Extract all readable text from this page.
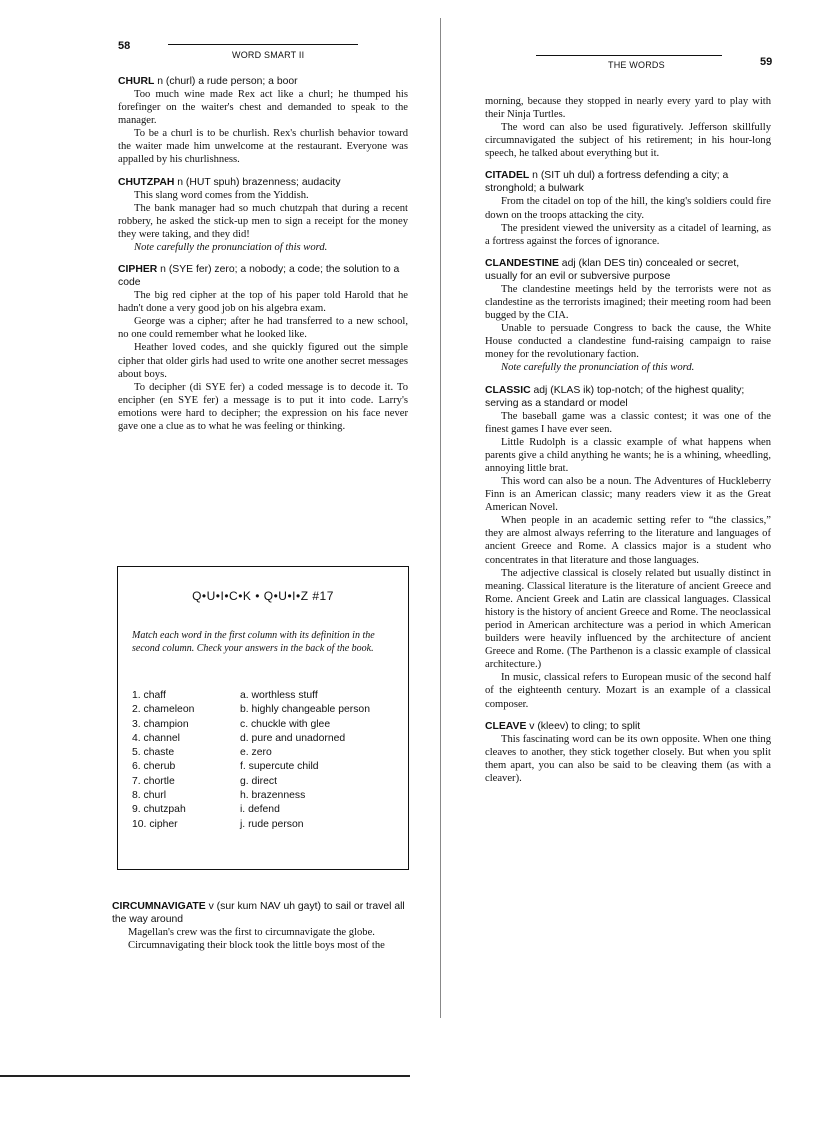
58
WORD SMART II
CHURL n (churl) a rude person; a boor

Too much wine made Rex act like a churl; he thumped his forefinger on the waiter's chest and demanded to speak to the manager.

To be a churl is to be churlish. Rex's churlish behavior toward the waiter made him unwelcome at the restaurant. Everyone was appalled by his churlishness.

CHUTZPAH n (HUT spuh) brazenness; audacity

This slang word comes from the Yiddish.

The bank manager had so much chutzpah that during a recent robbery, he asked the stick-up men to sign a receipt for the money they were taking, and they did!

Note carefully the pronunciation of this word.

CIPHER n (SYE fer) zero; a nobody; a code; the solution to a code

The big red cipher at the top of his paper told Harold that he hadn't done a very good job on his algebra exam.

George was a cipher; after he had transferred to a new school, no one could remember what he looked like.

Heather loved codes, and she quickly figured out the simple cipher that older girls had used to write one another secret messages about boys.

To decipher (di SYE fer) a coded message is to decode it. To encipher (en SYE fer) a message is to put it into code. Larry's emotions were hard to decipher; the expression on his face never gave one a clue as to what he was feeling or thinking.

Q•U•I•C•K • Q•U•I•Z #17
Match each word in the first column with its definition in the second column. Check your answers in the back of the book.
1. chaff	a. worthless stuff
2. chameleon	b. highly changeable person
3. champion	c. chuckle with glee
4. channel	d. pure and unadorned
5. chaste	e. zero
6. cherub	f. supercute child
7. chortle	g. direct
8. churl	h. brazenness
9. chutzpah	i. defend
10. cipher	j. rude person
CIRCUMNAVIGATE v (sur kum NAV uh gayt) to sail or travel all the way around

Magellan's crew was the first to circumnavigate the globe.

Circumnavigating their block took the little boys most of the

THE WORDS	59

morning, because they stopped in nearly every yard to play with their Ninja Turtles.

The word can also be used figuratively. Jefferson skillfully circumnavigated the subject of his retirement; in his hour-long speech, he talked about everything but it.

CITADEL n (SIT uh dul) a fortress defending a city; a stronghold; a bulwark

From the citadel on top of the hill, the king's soldiers could fire down on the troops attacking the city.

The president viewed the university as a citadel of learning, as a fortress against the forces of ignorance.

CLANDESTINE adj (klan DES tin) concealed or secret, usually for an evil or subversive purpose

The clandestine meetings held by the terrorists were not as clandestine as the terrorists imagined; their meeting room had been bugged by the CIA.

Unable to persuade Congress to back the cause, the White House conducted a clandestine fund-raising campaign to raise money for the revolutionary faction.

Note carefully the pronunciation of this word.

CLASSIC adj (KLAS ik) top-notch; of the highest quality; serving as a standard or model

The baseball game was a classic contest; it was one of the finest games I have ever seen.

Little Rudolph is a classic example of what happens when parents give a child anything he wants; he is a whining, wheedling, annoying little brat.

This word can also be a noun. The Adventures of Huckleberry Finn is an American classic; many readers view it as the Great American Novel.

When people in an academic setting refer to “the classics,” they are almost always referring to the literature and languages of ancient Greece and Rome. A classics major is a student who concentrates in that literature and those languages.

The adjective classical is closely related but usually distinct in meaning. Classical literature is the literature of ancient Greece and Rome. Ancient Greek and Latin are classical languages. Classical history is the history of ancient Greece and Rome. The neoclassical period in American architecture was a period in which American builders were heavily influenced by the architecture of ancient Greece and Rome. (The Parthenon is a classic example of classical architecture.)

In music, classical refers to European music of the second half of the eighteenth century. Mozart is an example of a classical composer.

CLEAVE v (kleev) to cling; to split

This fascinating word can be its own opposite. When one thing cleaves to another, they stick together closely. But when you split them apart, you can also be said to be cleaving them (as with a cleaver).
